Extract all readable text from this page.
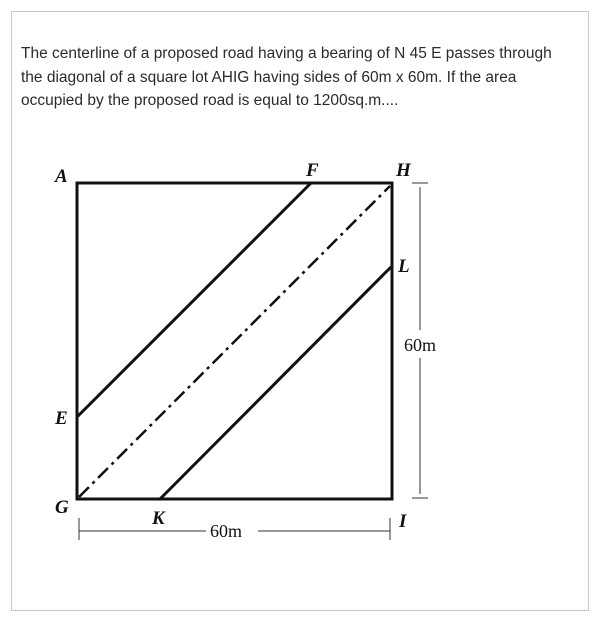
The centerline of a proposed road having a bearing of N 45 E passes through the diagonal of a square lot AHIG having sides of 60m x 60m. If the area occupied by the proposed road is equal to 1200sq.m....

A	F	H
L
E
G
K	I
60m
60m
